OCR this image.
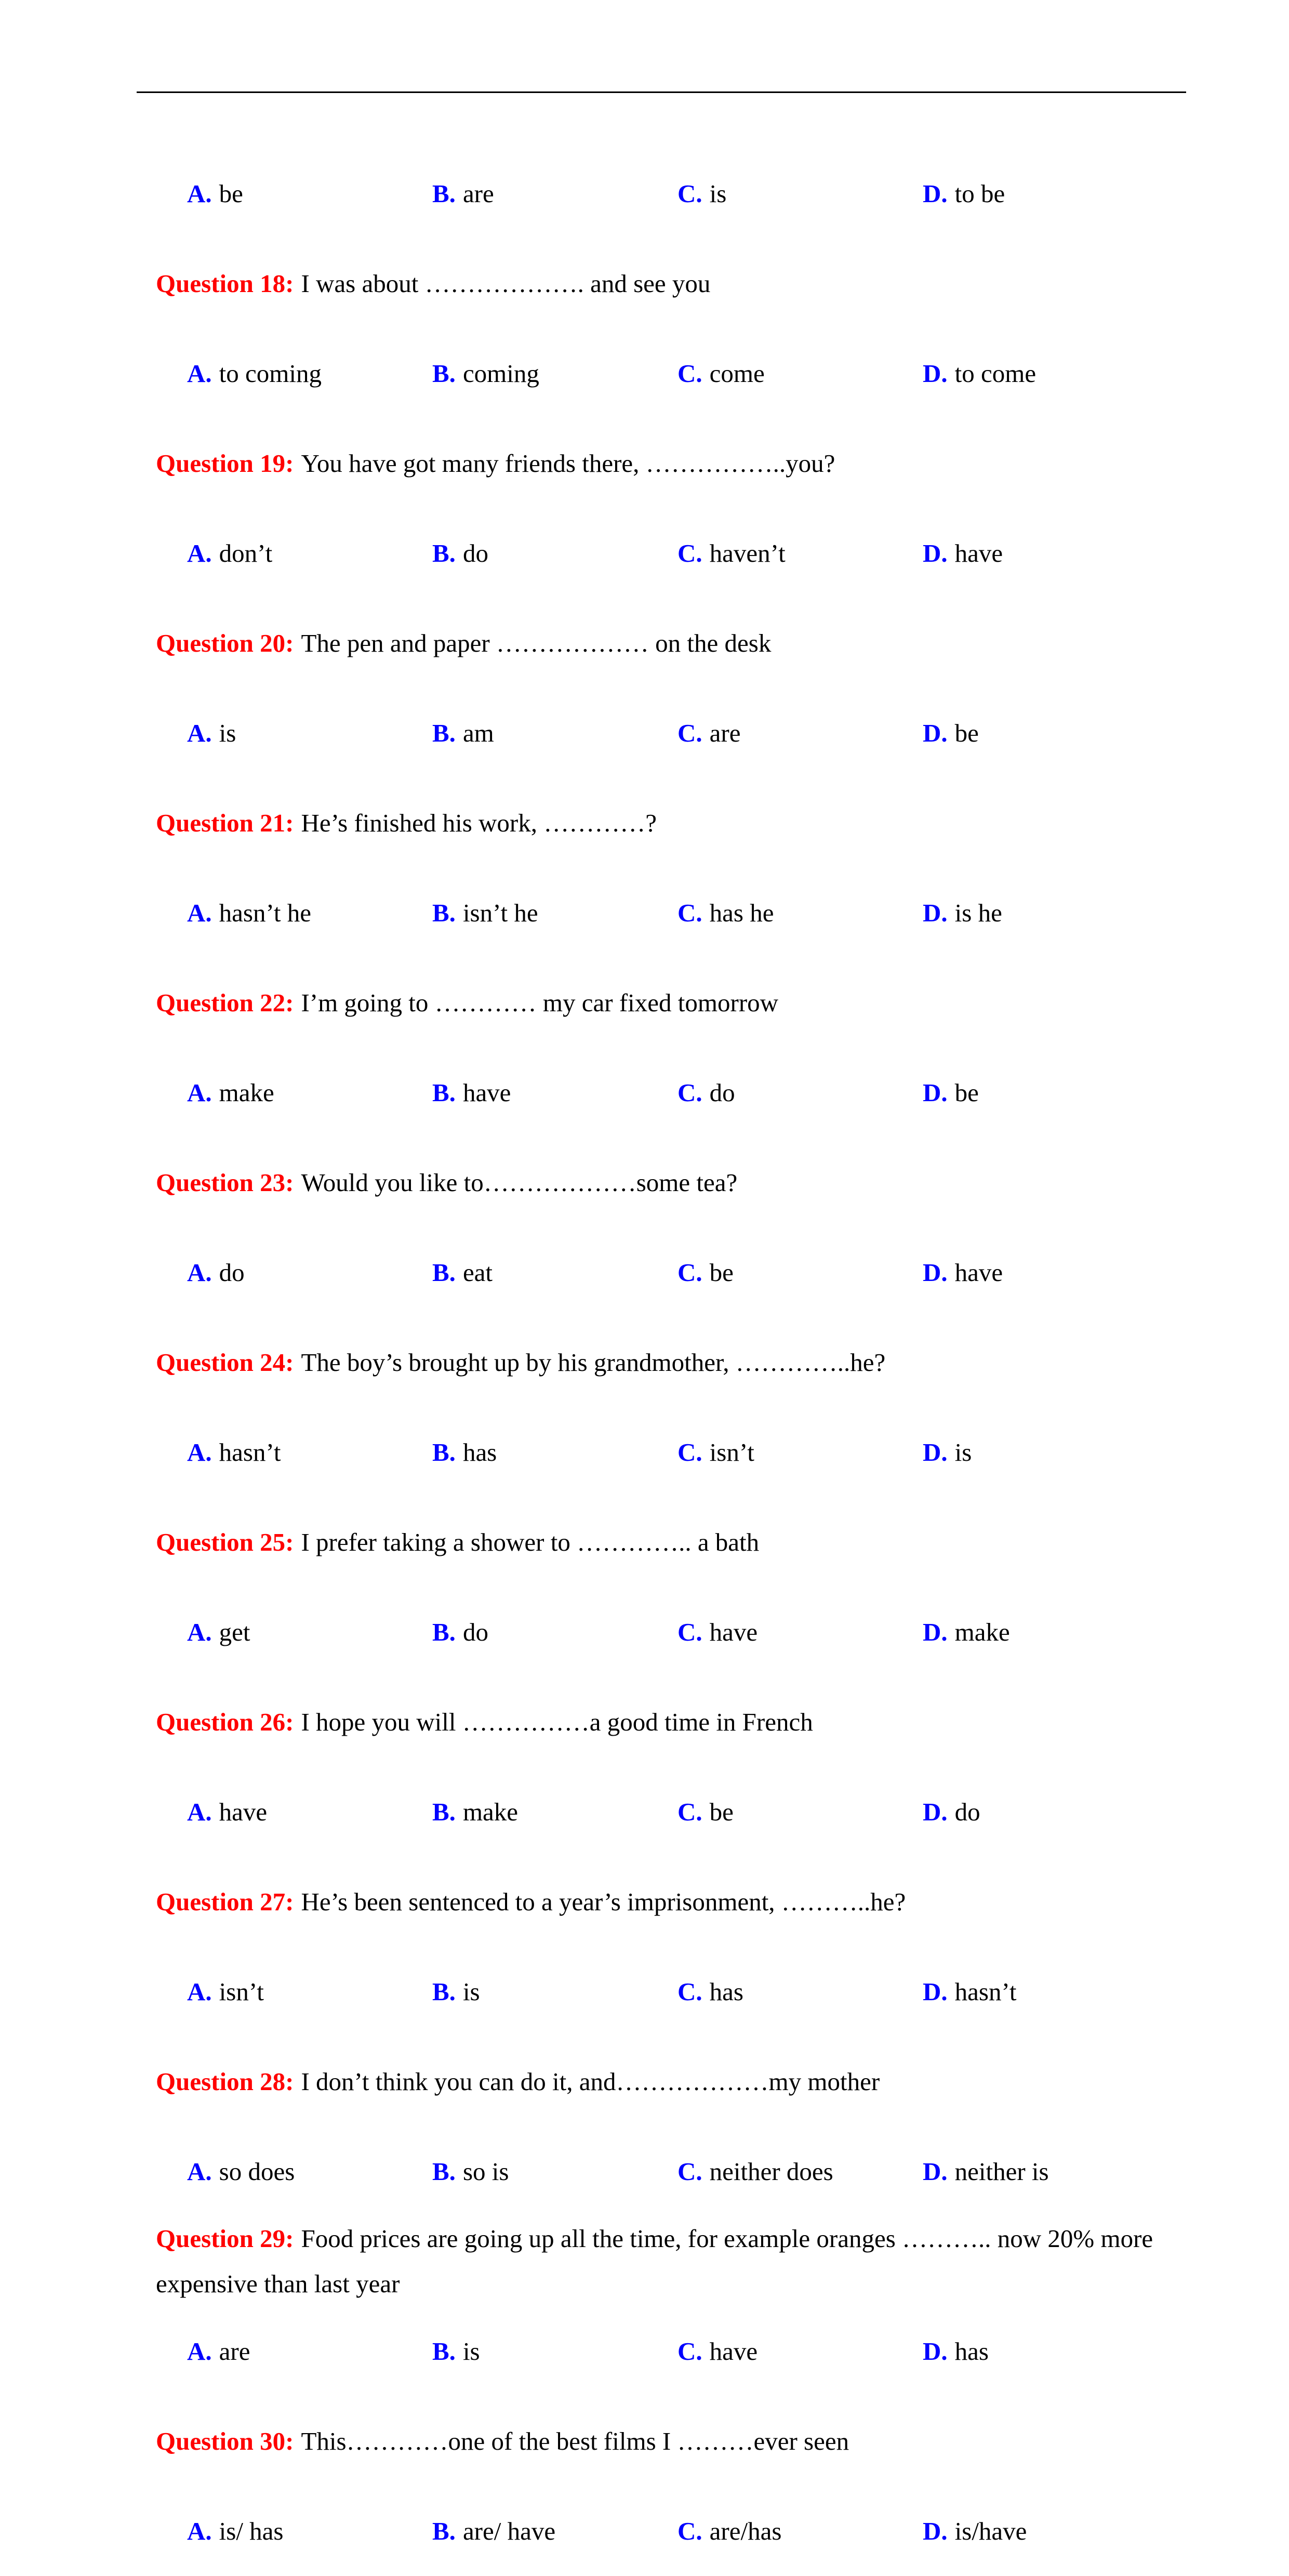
A. be	B. are	C. is	D. to be
Question 18: I was about ………………. and see you
A. to coming	B. coming	C. come	D. to come
Question 19: You have got many friends there, ……………..you?
A. don’t	B. do	C. haven’t	D. have
Question 20: The pen and paper ……………… on the desk
A. is	B. am	C. are	D. be
Question 21: He’s finished his work, …………?
A. hasn’t he	B. isn’t he	C. has he	D. is he
Question 22: I’m going to ………… my car fixed tomorrow
A. make	B. have	C. do	D. be
Question 23: Would you like to………………some tea?
A. do	B. eat	C. be	D. have
Question 24: The boy’s brought up by his grandmother, …………..he?
A. hasn’t	B. has	C. isn’t	D. is
Question 25: I prefer taking a shower to ………….. a bath
A. get	B. do	C. have	D. make
Question 26: I hope you will ……………a good time in French
A. have	B. make	C. be	D. do
Question 27: He’s been sentenced to a year’s imprisonment, ………..he?
A. isn’t	B. is	C. has	D. hasn’t
Question 28: I don’t think you can do it, and………………my mother
A. so does	B. so is	C. neither does	D. neither is
Question 29: Food prices are going up all the time, for example oranges ……….. now 20% more expensive than last year
A. are	B. is	C. have	D. has
Question 30: This…………one of the best films I ………ever seen
A. is/ has	B. are/ have	C. are/has	D. is/have
